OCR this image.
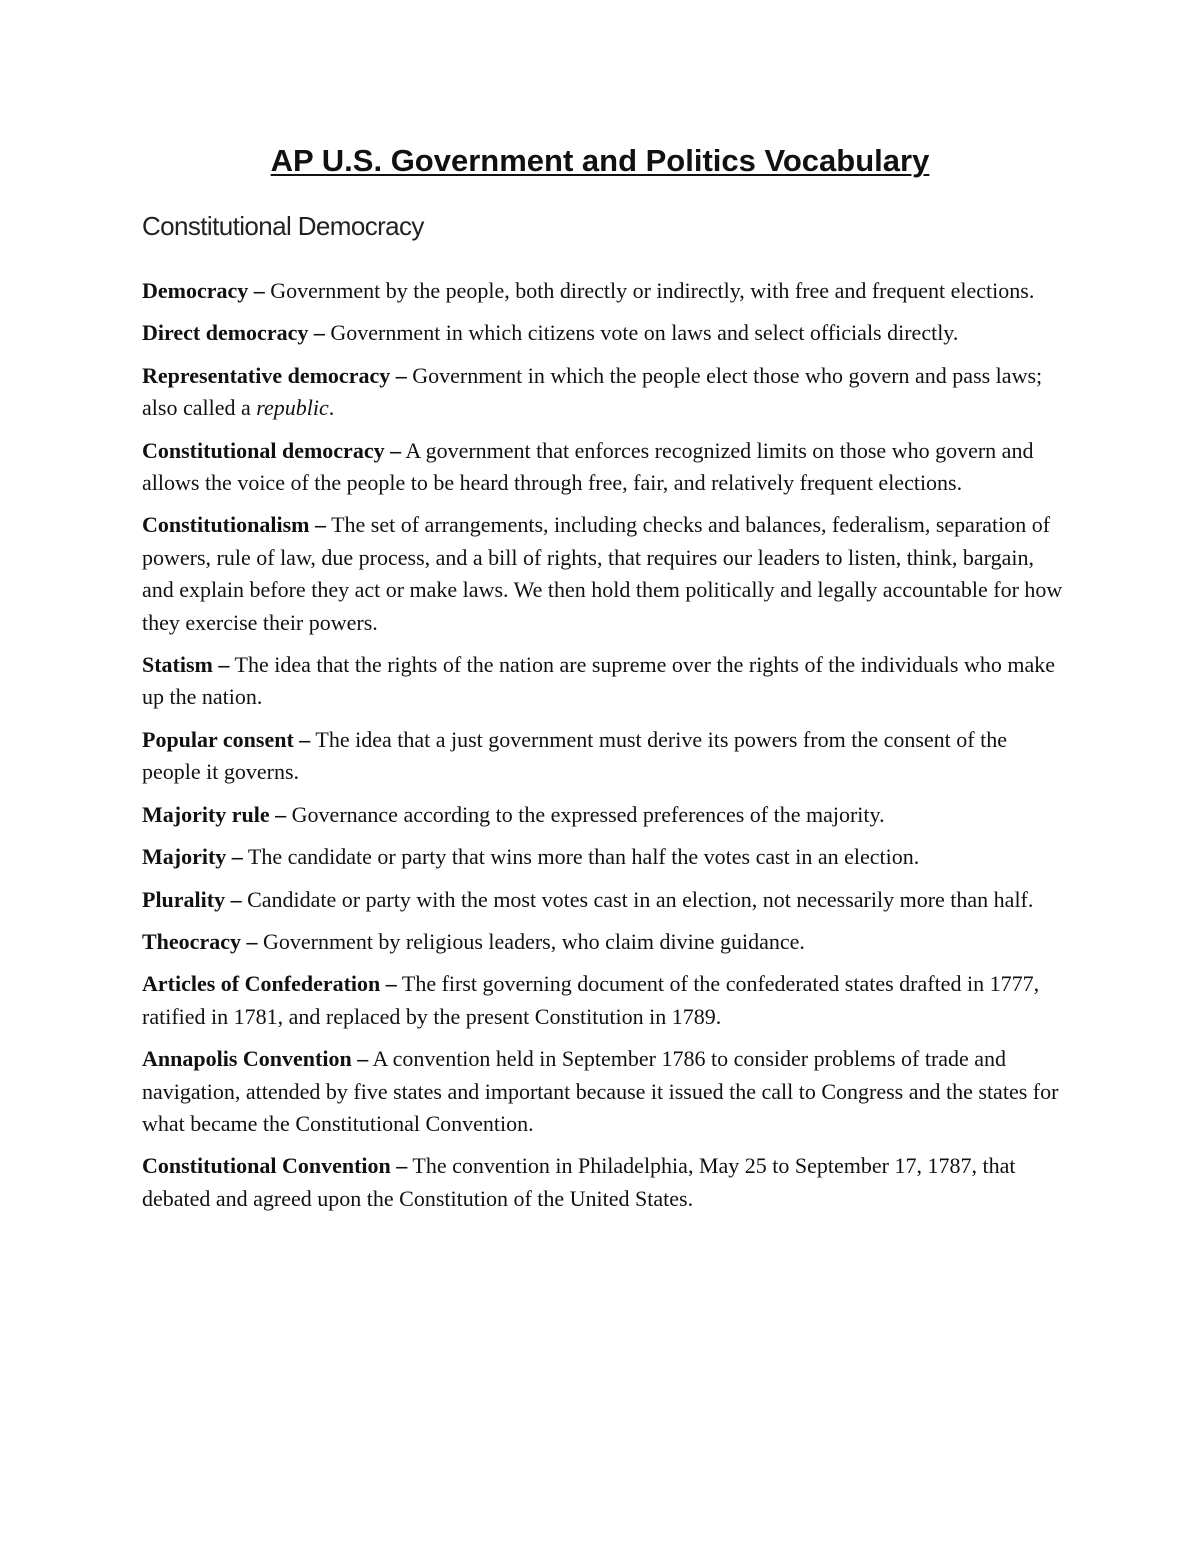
AP U.S. Government and Politics Vocabulary
Constitutional Democracy

Democracy – Government by the people, both directly or indirectly, with free and frequent elections.

Direct democracy – Government in which citizens vote on laws and select officials directly.

Representative democracy – Government in which the people elect those who govern and pass laws; also called a republic.

Constitutional democracy – A government that enforces recognized limits on those who govern and allows the voice of the people to be heard through free, fair, and relatively frequent elections.

Constitutionalism – The set of arrangements, including checks and balances, federalism, separation of powers, rule of law, due process, and a bill of rights, that requires our leaders to listen, think, bargain, and explain before they act or make laws. We then hold them politically and legally accountable for how they exercise their powers.

Statism – The idea that the rights of the nation are supreme over the rights of the individuals who make up the nation.

Popular consent – The idea that a just government must derive its powers from the consent of the people it governs.

Majority rule – Governance according to the expressed preferences of the majority.

Majority – The candidate or party that wins more than half the votes cast in an election.

Plurality – Candidate or party with the most votes cast in an election, not necessarily more than half.

Theocracy – Government by religious leaders, who claim divine guidance.

Articles of Confederation – The first governing document of the confederated states drafted in 1777, ratified in 1781, and replaced by the present Constitution in 1789.

Annapolis Convention – A convention held in September 1786 to consider problems of trade and navigation, attended by five states and important because it issued the call to Congress and the states for what became the Constitutional Convention.

Constitutional Convention – The convention in Philadelphia, May 25 to September 17, 1787, that debated and agreed upon the Constitution of the United States.
